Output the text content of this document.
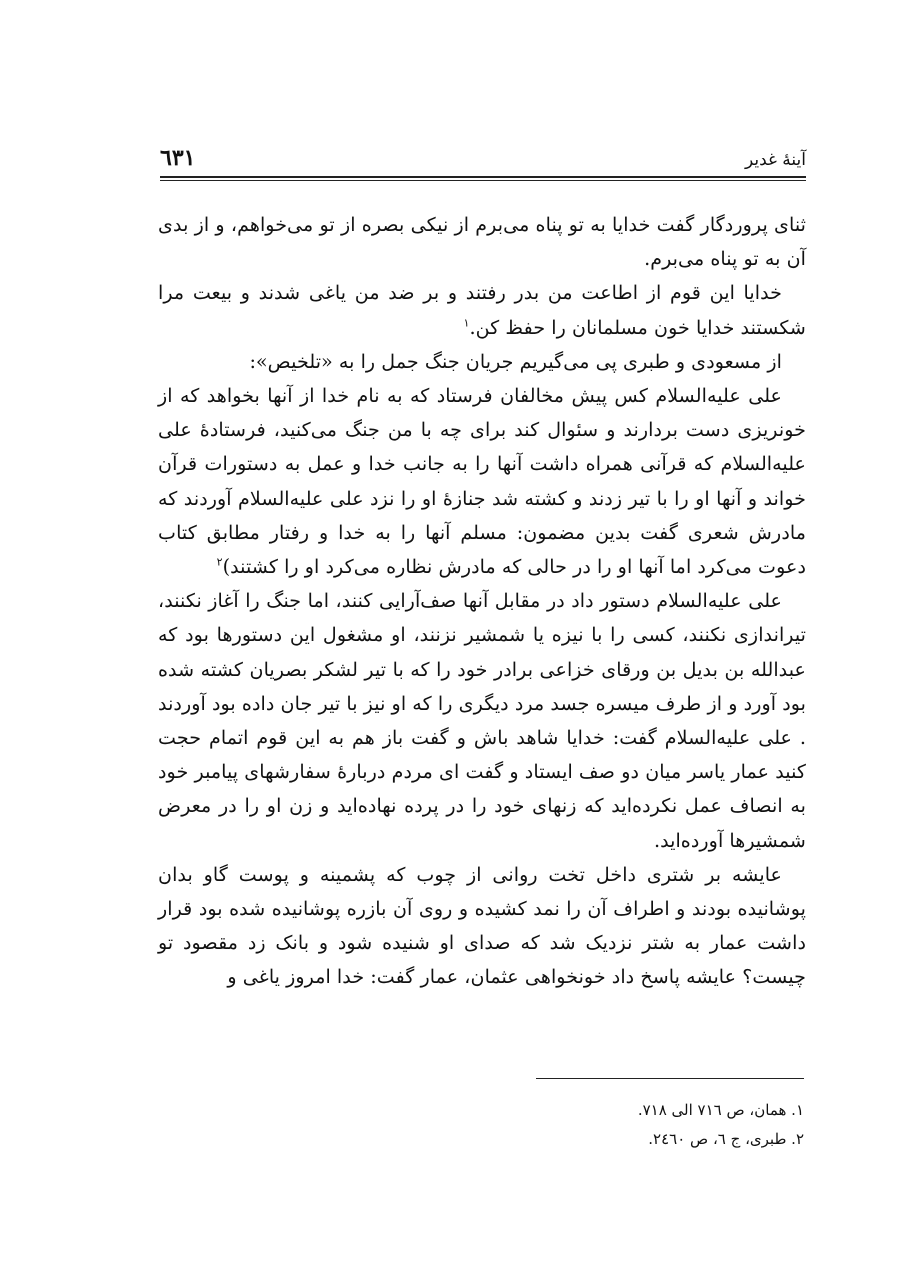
آینهٔ غدیر
٦٣١

ثنای پروردگار گفت خدایا به تو پناه می‌برم از نیکی بصره از تو می‌خواهم، و از بدی آن به تو پناه می‌برم.

خدایا این قوم از اطاعت من بدر رفتند و بر ضد من یاغی شدند و بیعت مرا شکستند خدایا خون مسلمانان را حفظ کن.$^١$

از مسعودی و طبری پی می‌گیریم جریان جنگ جمل را به «تلخیص»:

علی علیه‌السلام کس پیش مخالفان فرستاد که به نام خدا از آنها بخواهد که از خونریزی دست بردارند و سئوال کند برای چه با من جنگ می‌کنید، فرستادهٔ علی علیه‌السلام که قرآنی همراه داشت آنها را به جانب خدا و عمل به دستورات قرآن خواند و آنها او را با تیر زدند و کشته شد جنازهٔ او را نزد علی علیه‌السلام آوردند که مادرش شعری گفت بدین مضمون: مسلم آنها را به خدا و رفتار مطابق کتاب دعوت می‌کرد اما آنها او را در حالی که مادرش نظاره می‌کرد او را کشتند)$^٢$

علی علیه‌السلام دستور داد در مقابل آنها صف‌آرایی کنند، اما جنگ را آغاز نکنند، تیراندازی نکنند، کسی را با نیزه یا شمشیر نزنند، او مشغول این دستورها بود که عبدالله بن بدیل بن ورقای خزاعی برادر خود را که با تیر لشکر بصریان کشته شده بود آورد و از طرف میسره جسد مرد دیگری را که او نیز با تیر جان داده بود آوردند . علی علیه‌السلام گفت: خدایا شاهد باش و گفت باز هم به این قوم اتمام حجت کنید عمار یاسر میان دو صف ایستاد و گفت ای مردم دربارهٔ سفارشهای پیامبر خود به انصاف عمل نکرده‌اید که زنهای خود را در پرده نهاده‌اید و زن او را در معرض شمشیرها آورده‌اید.

عایشه بر شتری داخل تخت روانی از چوب که پشمینه و پوست گاو بدان پوشانیده بودند و اطراف آن را نمد کشیده و روی آن بازره پوشانیده شده بود قرار داشت عمار به شتر نزدیک شد که صدای او شنیده شود و بانک زد مقصود تو چیست؟ عایشه پاسخ داد خونخواهی عثمان، عمار گفت: خدا امروز یاغی و

١. همان، ص ٧١٦ الی ٧١٨.
٢. طبری، ج ٦، ص ٢٤٦٠.
